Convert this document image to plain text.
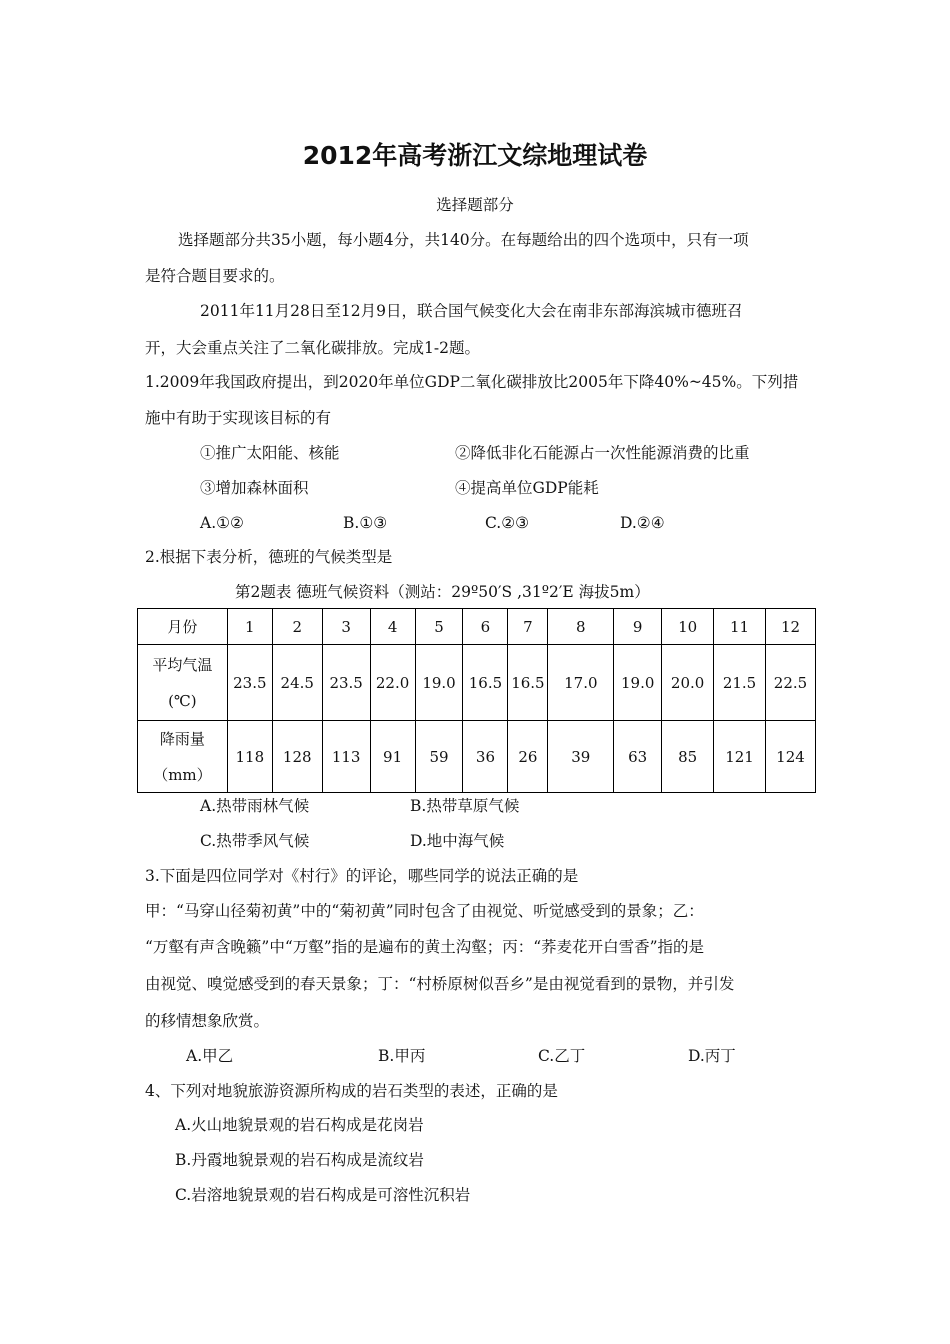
2012年高考浙江文综地理试卷
选择题部分
选择题部分共35小题，每小题4分，共140分。在每题给出的四个选项中，只有一项
是符合题目要求的。
2011年11月28日至12月9日，联合国气候变化大会在南非东部海滨城市德班召
开，大会重点关注了二氧化碳排放。完成1-2题。
1.2009年我国政府提出，到2020年单位GDP二氧化碳排放比2005年下降40%~45%。下列措
施中有助于实现该目标的有
①推广太阳能、核能	②降低非化石能源占一次性能源消费的比重
③增加森林面积	④提高单位GDP能耗
A.①②	B.①③	C.②③	D.②④
2.根据下表分析，德班的气候类型是
第2题表 德班气候资料（测站：29º50′S ,31º2′E 海拔5m）
月份	1	2	3	4	5	6	7	8	9	10	11	12

平均气温
(℃)	23.5	24.5	23.5	22.0	19.0	16.5	16.5	17.0	19.0	20.0	21.5	22.5

降雨量
（mm）	118	128	113	91	59	36	26	39	63	85	121	124
A.热带雨林气候	B.热带草原气候
C.热带季风气候	D.地中海气候
3.下面是四位同学对《村行》的评论，哪些同学的说法正确的是
甲：“马穿山径菊初黄”中的“菊初黄”同时包含了由视觉、听觉感受到的景象；乙：
“万壑有声含晚籁”中“万壑”指的是遍布的黄土沟壑；丙：“荞麦花开白雪香”指的是
由视觉、嗅觉感受到的春天景象；丁：“村桥原树似吾乡”是由视觉看到的景物，并引发
的移情想象欣赏。
A.甲乙	B.甲丙	C.乙丁	D.丙丁
4、下列对地貌旅游资源所构成的岩石类型的表述，正确的是
A.火山地貌景观的岩石构成是花岗岩
B.丹霞地貌景观的岩石构成是流纹岩
C.岩溶地貌景观的岩石构成是可溶性沉积岩
